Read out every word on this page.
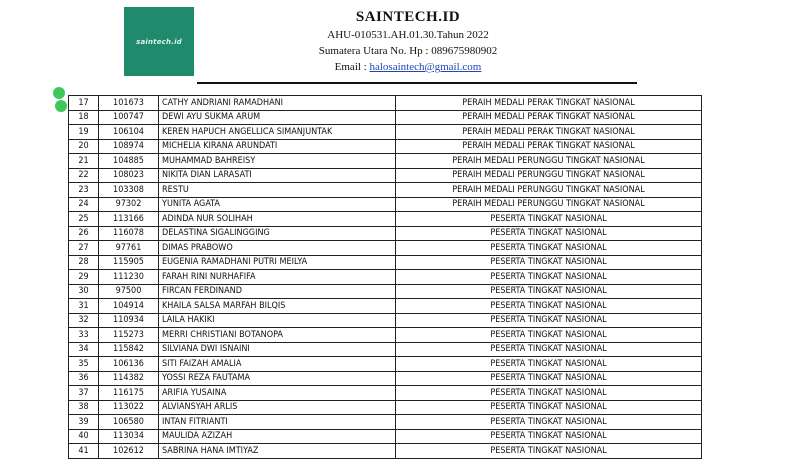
saintech.id
SAINTECH.ID
AHU-010531.AH.01.30.Tahun 2022
Sumatera Utara No. Hp : 089675980902
Email : halosaintech@gmail.com
17	101673	CATHY ANDRIANI RAMADHANI	PERAIH MEDALI PERAK TINGKAT NASIONAL
18	100747	DEWI AYU SUKMA ARUM	PERAIH MEDALI PERAK TINGKAT NASIONAL
19	106104	KEREN HAPUCH ANGELLICA SIMANJUNTAK	PERAIH MEDALI PERAK TINGKAT NASIONAL
20	108974	MICHELIA KIRANA ARUNDATI	PERAIH MEDALI PERAK TINGKAT NASIONAL
21	104885	MUHAMMAD BAHREISY	PERAIH MEDALI PERUNGGU TINGKAT NASIONAL
22	108023	NIKITA DIAN LARASATI	PERAIH MEDALI PERUNGGU TINGKAT NASIONAL
23	103308	RESTU	PERAIH MEDALI PERUNGGU TINGKAT NASIONAL
24	97302	YUNITA AGATA	PERAIH MEDALI PERUNGGU TINGKAT NASIONAL
25	113166	ADINDA NUR SOLIHAH	PESERTA TINGKAT NASIONAL
26	116078	DELASTINA SIGALINGGING	PESERTA TINGKAT NASIONAL
27	97761	DIMAS PRABOWO	PESERTA TINGKAT NASIONAL
28	115905	EUGENIA RAMADHANI PUTRI MEILYA	PESERTA TINGKAT NASIONAL
29	111230	FARAH RINI NURHAFIFA	PESERTA TINGKAT NASIONAL
30	97500	FIRCAN FERDINAND	PESERTA TINGKAT NASIONAL
31	104914	KHAILA SALSA MARFAH BILQIS	PESERTA TINGKAT NASIONAL
32	110934	LAILA HAKIKI	PESERTA TINGKAT NASIONAL
33	115273	MERRI CHRISTIANI BOTANOPA	PESERTA TINGKAT NASIONAL
34	115842	SILVIANA DWI ISNAINI	PESERTA TINGKAT NASIONAL
35	106136	SITI FAIZAH AMALIA	PESERTA TINGKAT NASIONAL
36	114382	YOSSI REZA FAUTAMA	PESERTA TINGKAT NASIONAL
37	116175	ARIFIA YUSAINA	PESERTA TINGKAT NASIONAL
38	113022	ALVIANSYAH ARLIS	PESERTA TINGKAT NASIONAL
39	106580	INTAN FITRIANTI	PESERTA TINGKAT NASIONAL
40	113034	MAULIDA AZIZAH	PESERTA TINGKAT NASIONAL
41	102612	SABRINA HANA IMTIYAZ	PESERTA TINGKAT NASIONAL
